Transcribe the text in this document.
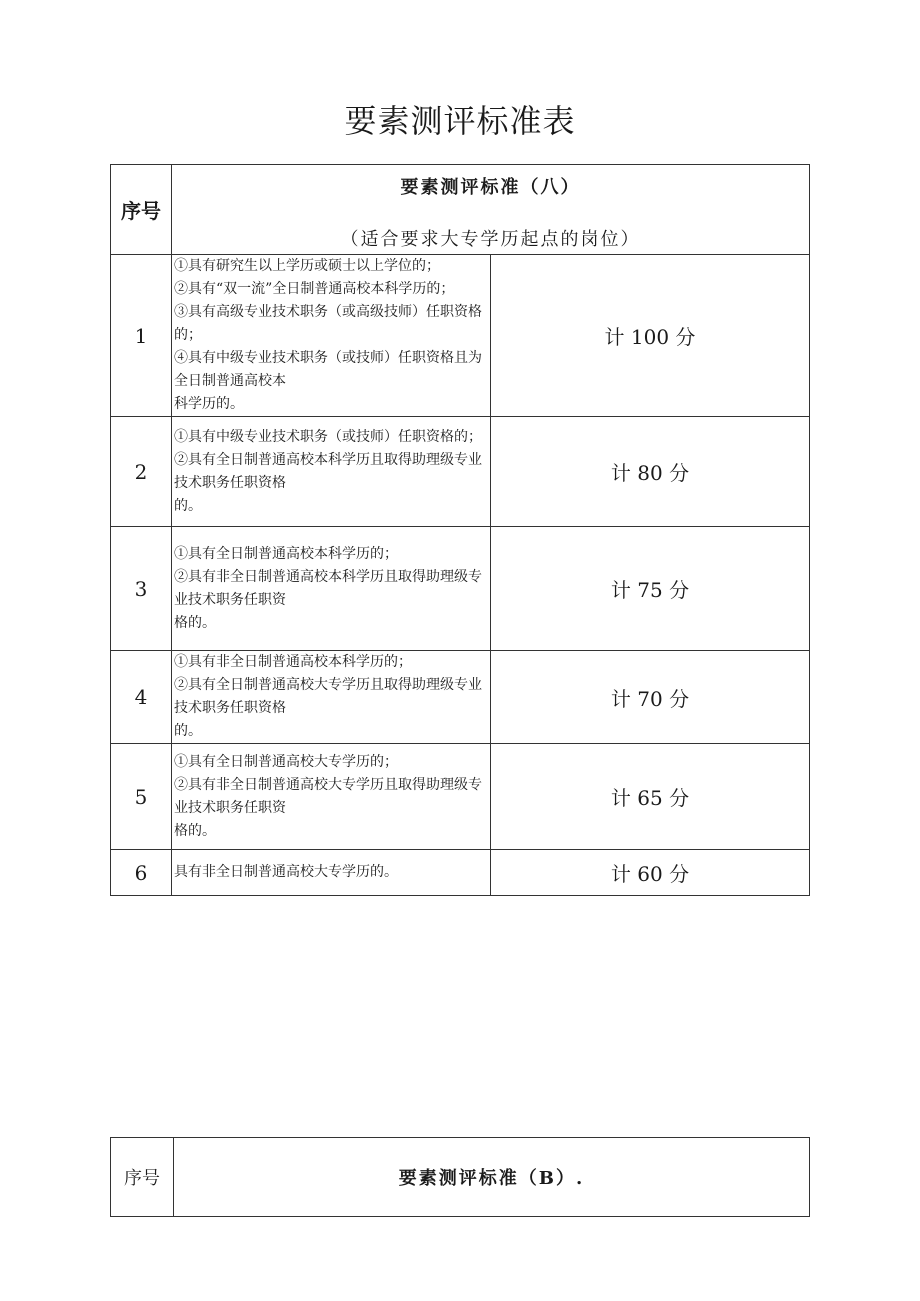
要素测评标准表
序号	要素测评标准（八）
（适合要求大专学历起点的岗位）	

1	①具有研究生以上学历或硕士以上学位的；
②具有“双一流”全日制普通高校本科学历的；
③具有高级专业技术职务（或高级技师）任职资格的；
④具有中级专业技术职务（或技师）任职资格且为全日制普通高校本
科学历的。	计 100 分
2	①具有中级专业技术职务（或技师）任职资格的；
②具有全日制普通高校本科学历且取得助理级专业技术职务任职资格
的。	计 80 分
3	①具有全日制普通高校本科学历的；
②具有非全日制普通高校本科学历且取得助理级专业技术职务任职资
格的。	计 75 分
4	①具有非全日制普通高校本科学历的；
②具有全日制普通高校大专学历且取得助理级专业技术职务任职资格
的。	计 70 分
5	①具有全日制普通高校大专学历的；
②具有非全日制普通高校大专学历且取得助理级专业技术职务任职资
格的。	计 65 分
6	具有非全日制普通高校大专学历的。	计 60 分
序号	要素测评标准（B）.
